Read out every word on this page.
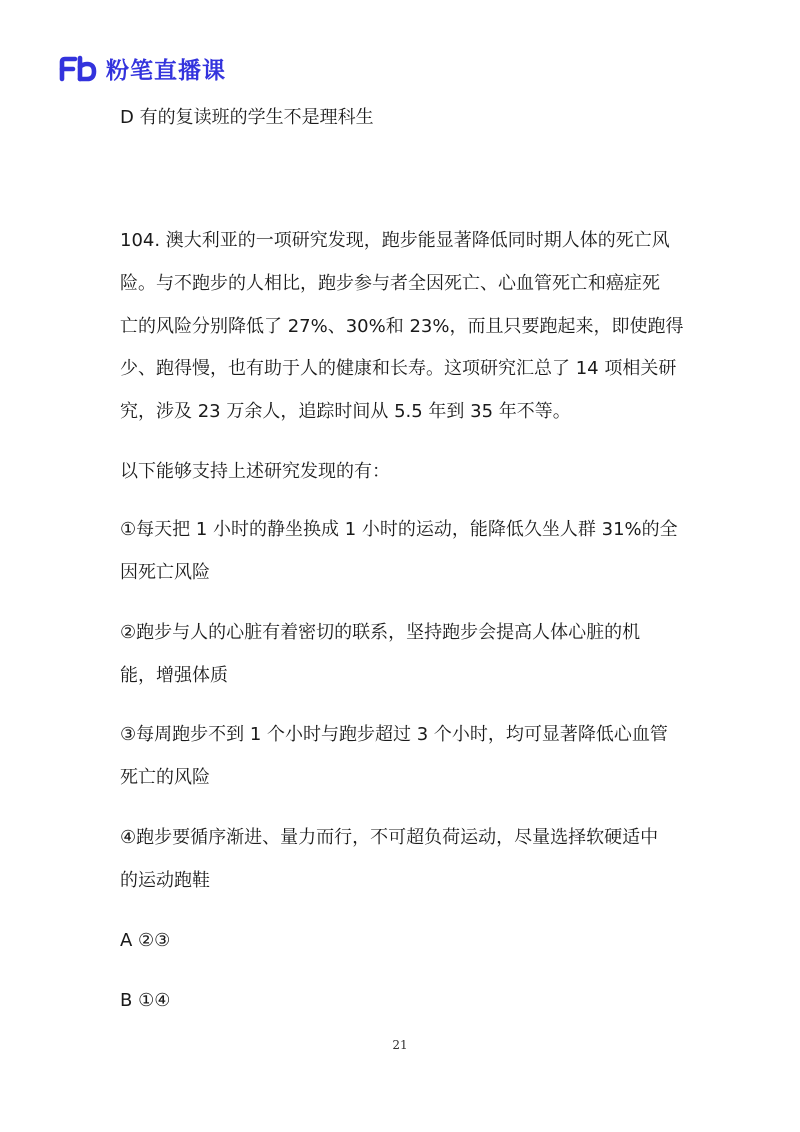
粉笔直播课
D 有的复读班的学生不是理科生
104. 澳大利亚的一项研究发现，跑步能显著降低同时期人体的死亡风
险。与不跑步的人相比，跑步参与者全因死亡、心血管死亡和癌症死
亡的风险分别降低了 27%、30%和 23%，而且只要跑起来，即使跑得
少、跑得慢，也有助于人的健康和长寿。这项研究汇总了 14 项相关研
究，涉及 23 万余人，追踪时间从 5.5 年到 35 年不等。
以下能够支持上述研究发现的有：
①每天把 1 小时的静坐换成 1 小时的运动，能降低久坐人群 31%的全
因死亡风险
②跑步与人的心脏有着密切的联系，坚持跑步会提高人体心脏的机
能，增强体质
③每周跑步不到 1 个小时与跑步超过 3 个小时，均可显著降低心血管
死亡的风险
④跑步要循序渐进、量力而行，不可超负荷运动，尽量选择软硬适中
的运动跑鞋
A ②③
B ①④
21
